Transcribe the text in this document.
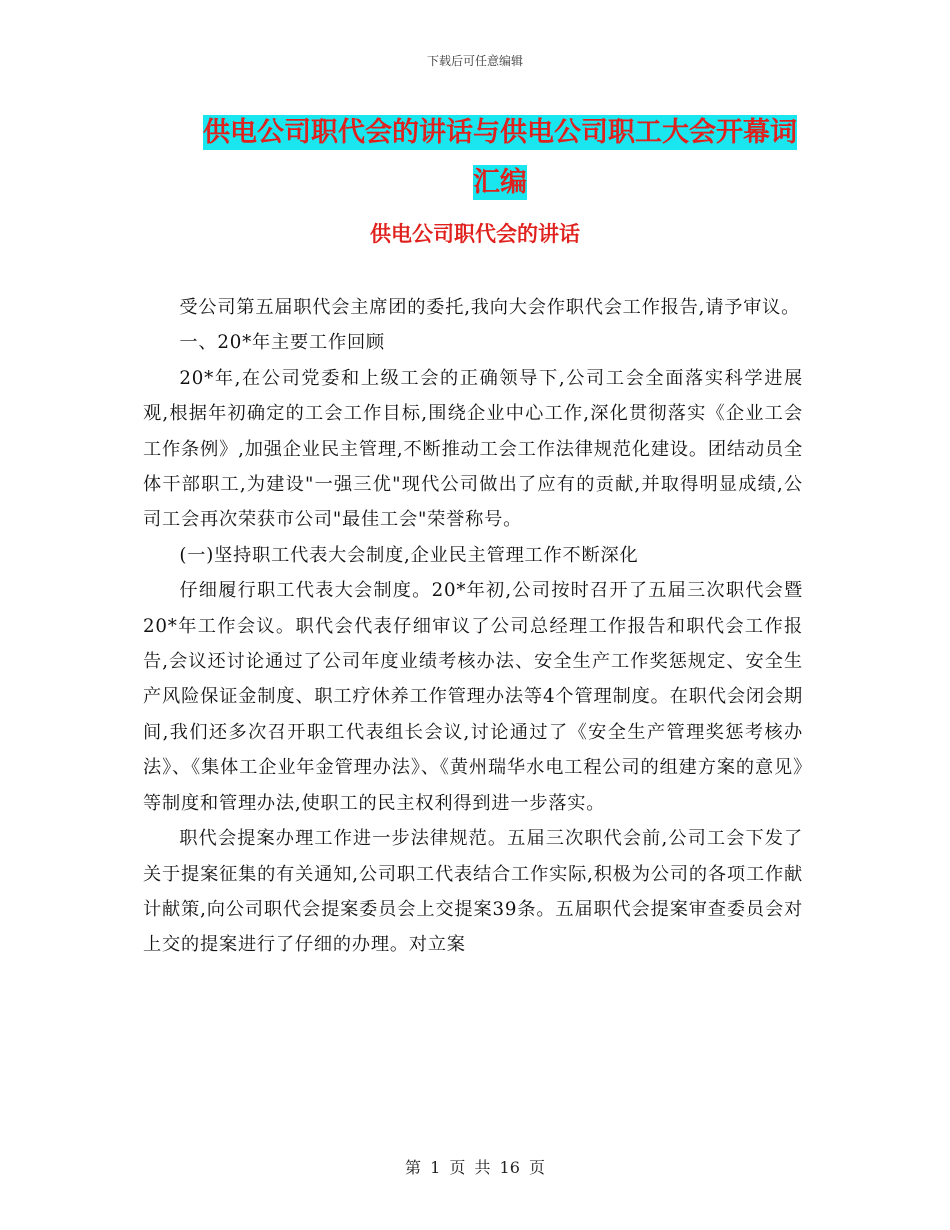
下载后可任意编辑
供电公司职代会的讲话与供电公司职工大会开幕词汇编
供电公司职代会的讲话

受公司第五届职代会主席团的委托,我向大会作职代会工作报告,请予审议。

一、20*年主要工作回顾

20*年,在公司党委和上级工会的正确领导下,公司工会全面落实科学进展观,根据年初确定的工会工作目标,围绕企业中心工作,深化贯彻落实《企业工会工作条例》,加强企业民主管理,不断推动工会工作法律规范化建设。团结动员全体干部职工,为建设"一强三优"现代公司做出了应有的贡献,并取得明显成绩,公司工会再次荣获市公司"最佳工会"荣誉称号。

(一)坚持职工代表大会制度,企业民主管理工作不断深化

仔细履行职工代表大会制度。20*年初,公司按时召开了五届三次职代会暨20*年工作会议。职代会代表仔细审议了公司总经理工作报告和职代会工作报告,会议还讨论通过了公司年度业绩考核办法、安全生产工作奖惩规定、安全生产风险保证金制度、职工疗休养工作管理办法等4个管理制度。在职代会闭会期间,我们还多次召开职工代表组长会议,讨论通过了《安全生产管理奖惩考核办法》、《集体工企业年金管理办法》、《黄州瑞华水电工程公司的组建方案的意见》等制度和管理办法,使职工的民主权利得到进一步落实。

职代会提案办理工作进一步法律规范。五届三次职代会前,公司工会下发了关于提案征集的有关通知,公司职工代表结合工作实际,积极为公司的各项工作献计献策,向公司职代会提案委员会上交提案39条。五届职代会提案审查委员会对上交的提案进行了仔细的办理。对立案

第 1 页 共 16 页
